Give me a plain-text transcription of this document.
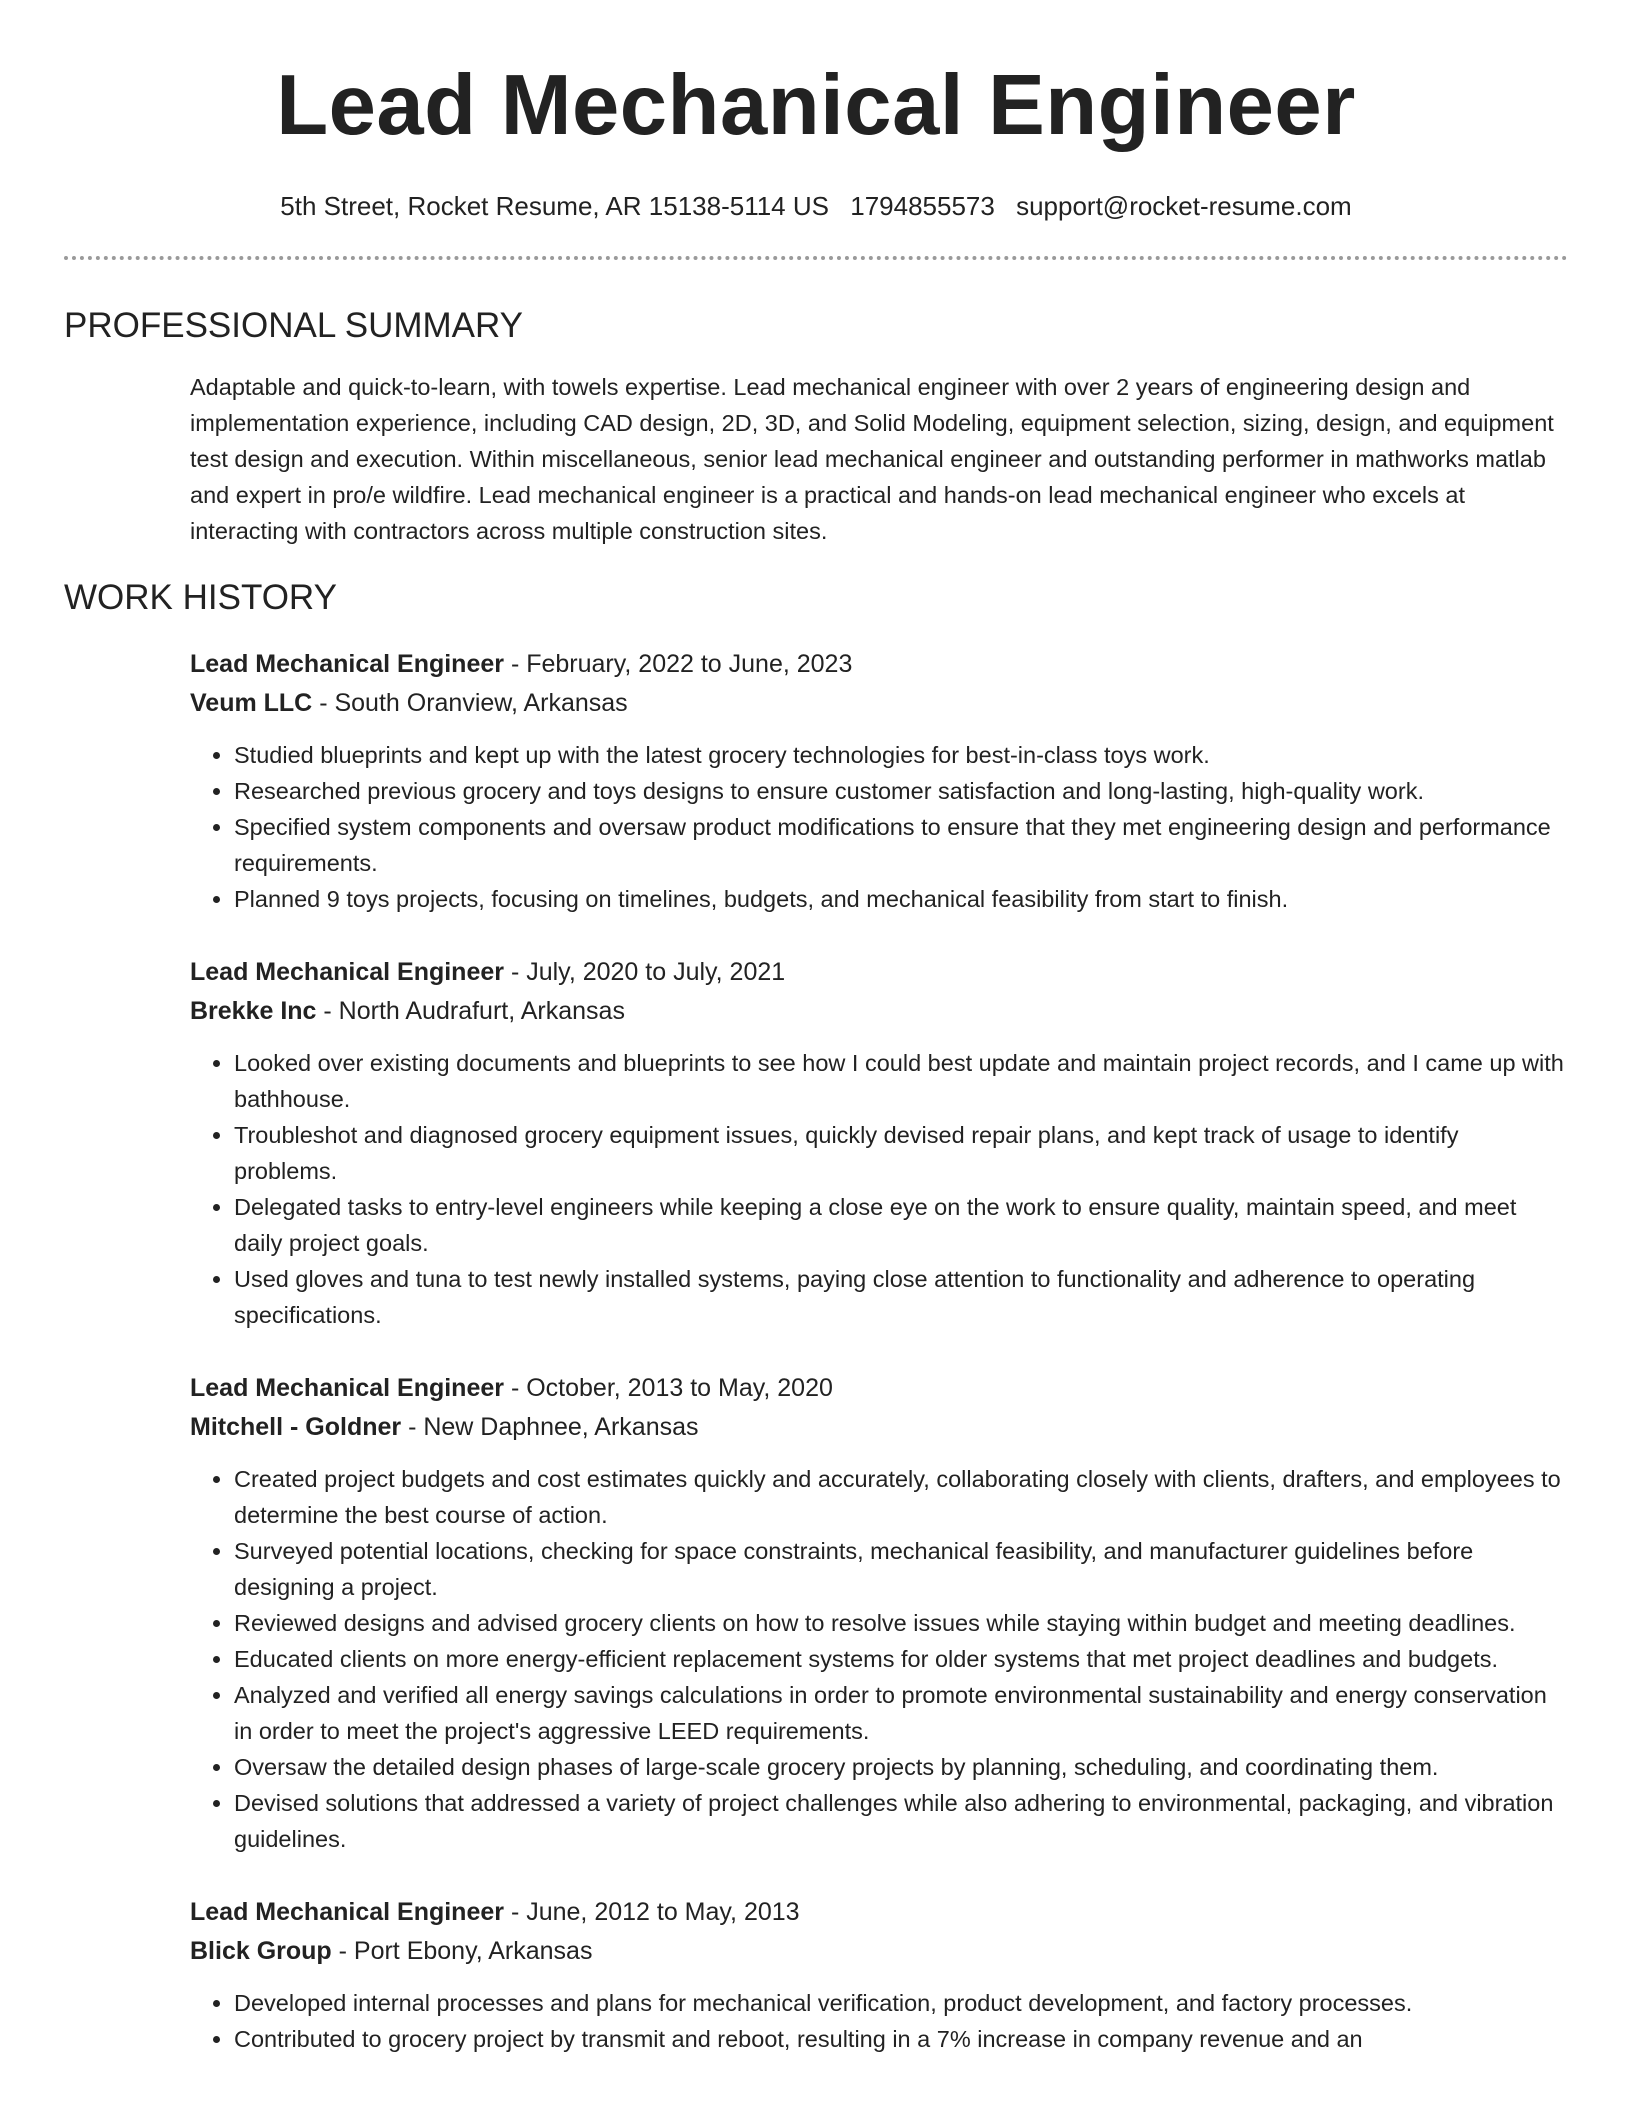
Lead Mechanical Engineer
5th Street, Rocket Resume, AR 15138-5114 US 1794855573 support@rocket-resume.com
PROFESSIONAL SUMMARY

Adaptable and quick-to-learn, with towels expertise. Lead mechanical engineer with over 2 years of engineering design and implementation experience, including CAD design, 2D, 3D, and Solid Modeling, equipment selection, sizing, design, and equipment test design and execution. Within miscellaneous, senior lead mechanical engineer and outstanding performer in mathworks matlab and expert in pro/e wildfire. Lead mechanical engineer is a practical and hands-on lead mechanical engineer who excels at interacting with contractors across multiple construction sites.

WORK HISTORY
Lead Mechanical Engineer - February, 2022 to June, 2023
Veum LLC - South Oranview, Arkansas
• Studied blueprints and kept up with the latest grocery technologies for best-in-class toys work.
• Researched previous grocery and toys designs to ensure customer satisfaction and long-lasting, high-quality work.
• Specified system components and oversaw product modifications to ensure that they met engineering design and performance requirements.
• Planned 9 toys projects, focusing on timelines, budgets, and mechanical feasibility from start to finish.
Lead Mechanical Engineer - July, 2020 to July, 2021
Brekke Inc - North Audrafurt, Arkansas
• Looked over existing documents and blueprints to see how I could best update and maintain project records, and I came up with bathhouse.
• Troubleshot and diagnosed grocery equipment issues, quickly devised repair plans, and kept track of usage to identify problems.
• Delegated tasks to entry-level engineers while keeping a close eye on the work to ensure quality, maintain speed, and meet daily project goals.
• Used gloves and tuna to test newly installed systems, paying close attention to functionality and adherence to operating specifications.
Lead Mechanical Engineer - October, 2013 to May, 2020
Mitchell - Goldner - New Daphnee, Arkansas
• Created project budgets and cost estimates quickly and accurately, collaborating closely with clients, drafters, and employees to determine the best course of action.
• Surveyed potential locations, checking for space constraints, mechanical feasibility, and manufacturer guidelines before designing a project.
• Reviewed designs and advised grocery clients on how to resolve issues while staying within budget and meeting deadlines.
• Educated clients on more energy-efficient replacement systems for older systems that met project deadlines and budgets.
• Analyzed and verified all energy savings calculations in order to promote environmental sustainability and energy conservation in order to meet the project's aggressive LEED requirements.
• Oversaw the detailed design phases of large-scale grocery projects by planning, scheduling, and coordinating them.
• Devised solutions that addressed a variety of project challenges while also adhering to environmental, packaging, and vibration guidelines.
Lead Mechanical Engineer - June, 2012 to May, 2013
Blick Group - Port Ebony, Arkansas
• Developed internal processes and plans for mechanical verification, product development, and factory processes.
• Contributed to grocery project by transmit and reboot, resulting in a 7% increase in company revenue and an
